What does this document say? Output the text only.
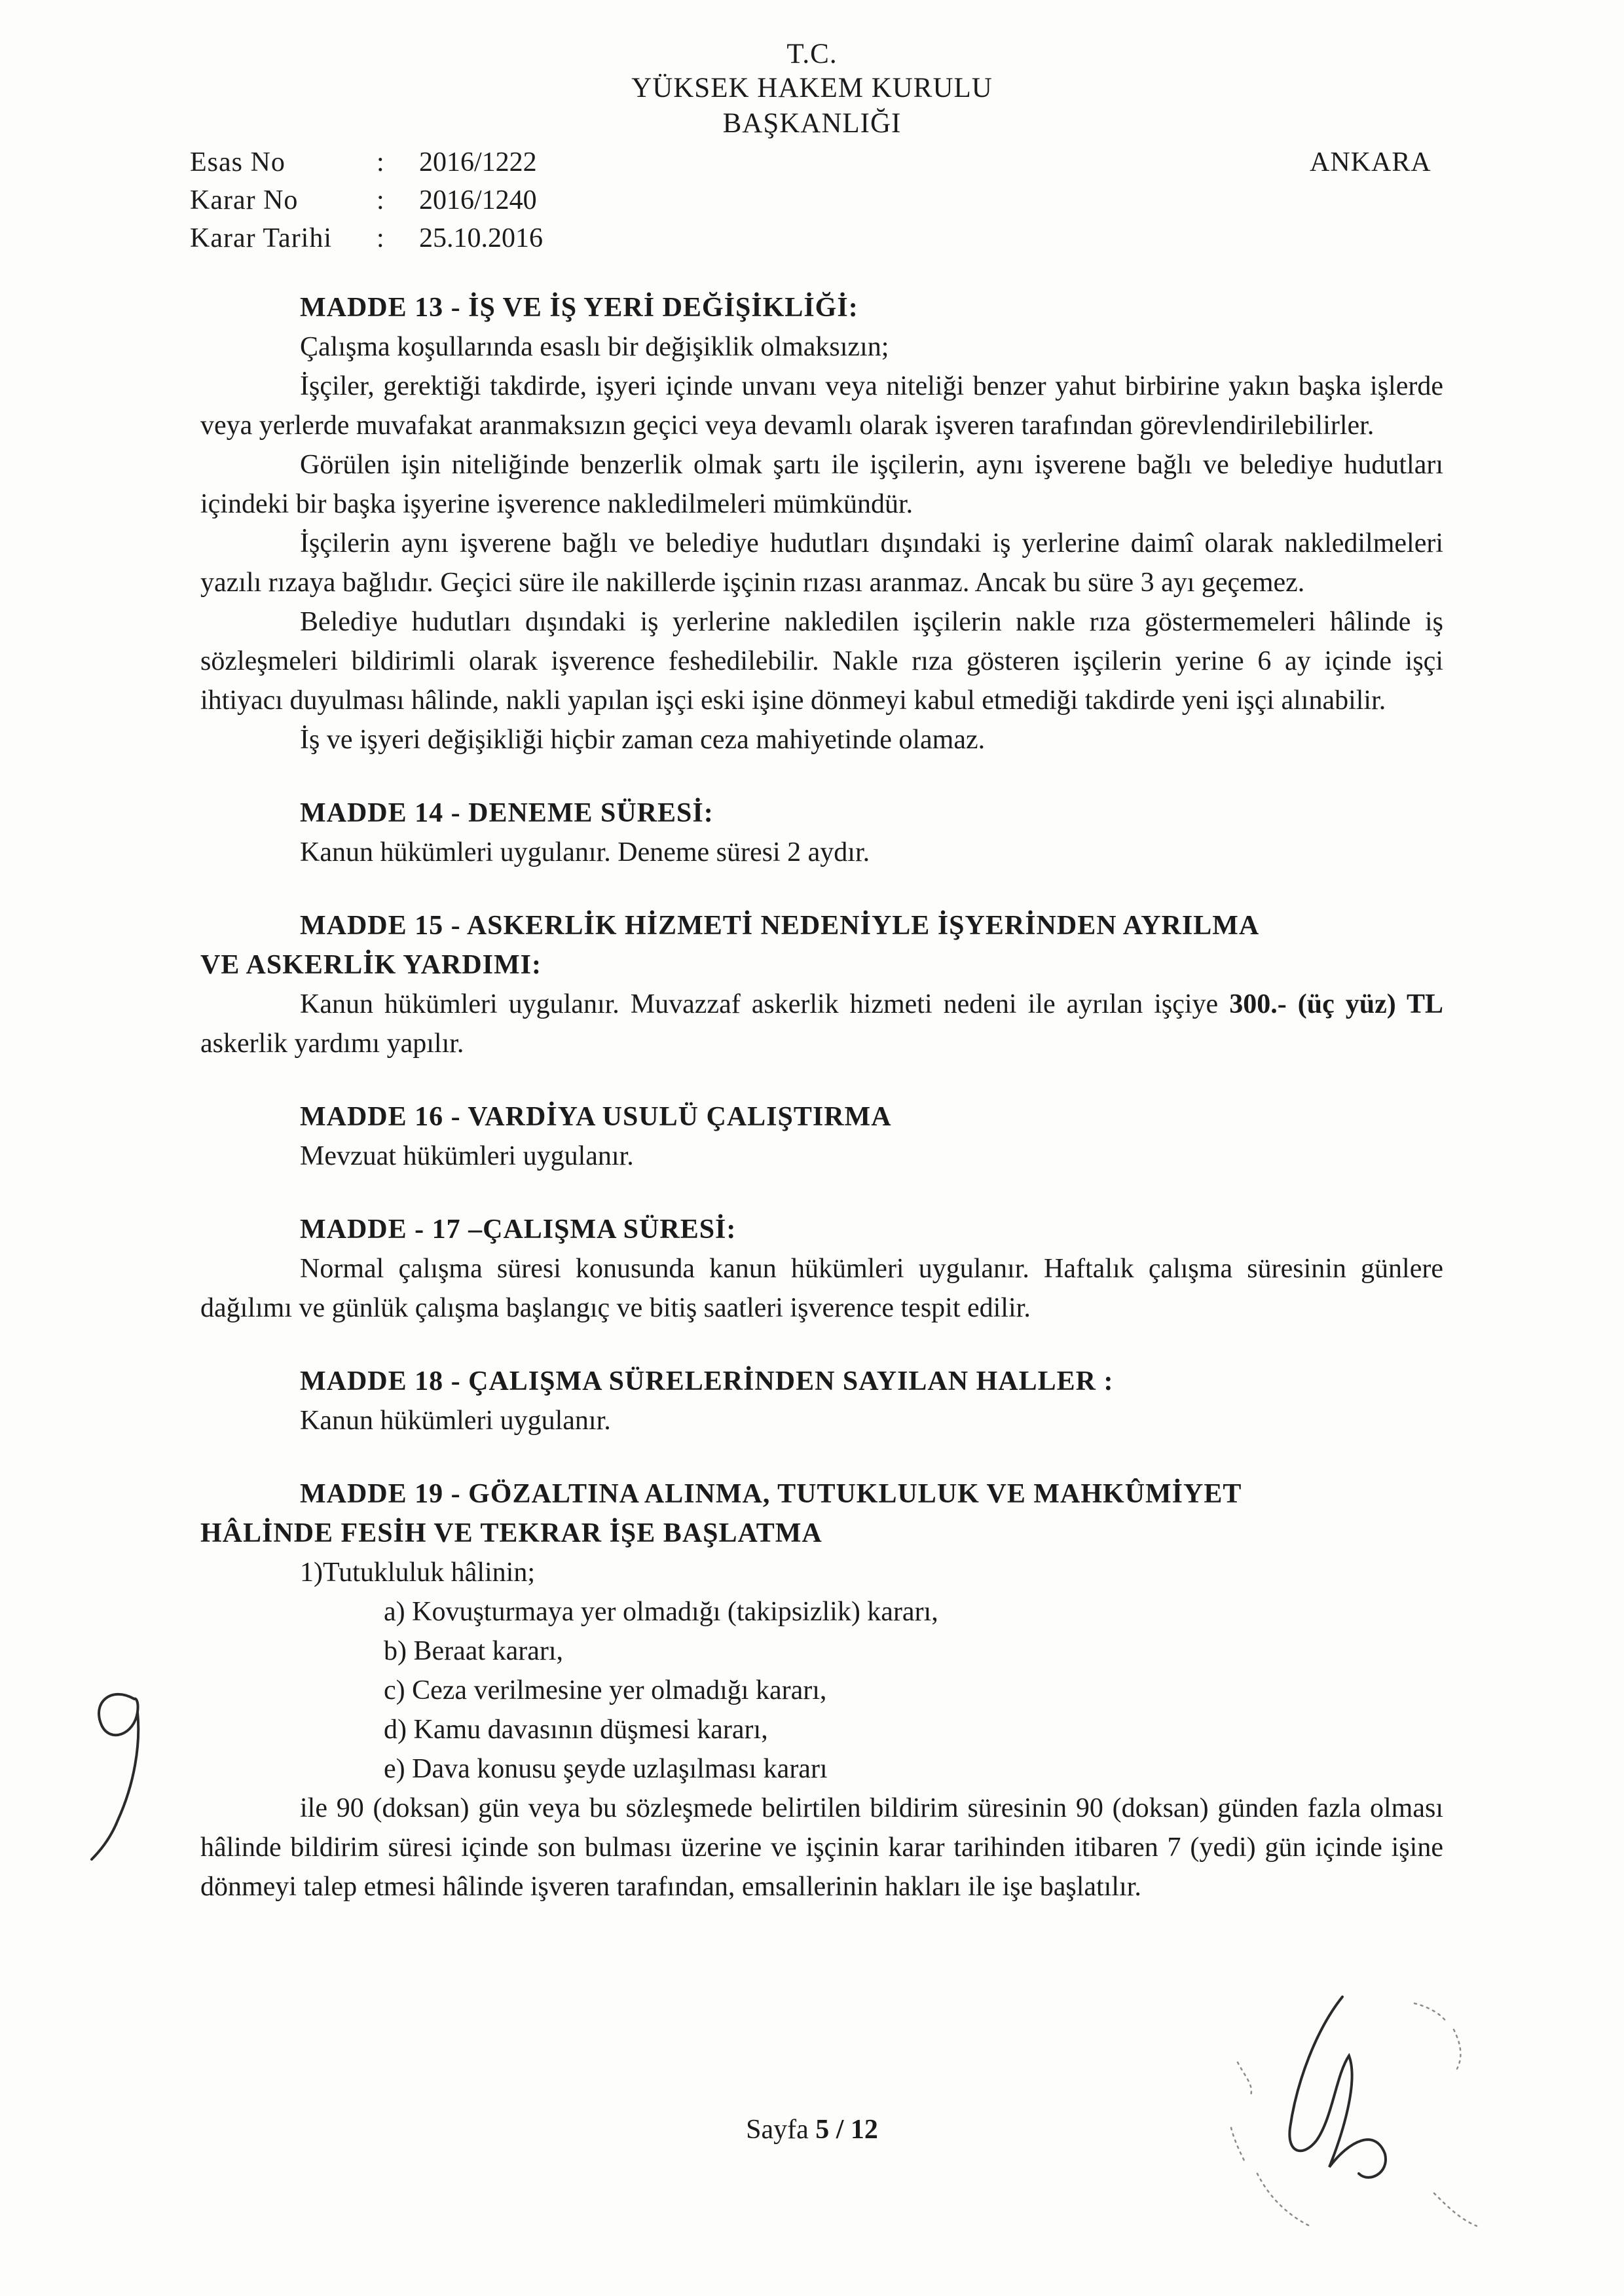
T.C.
YÜKSEK HAKEM KURULU
BAŞKANLIĞI
Esas No	:	2016/1222
Karar No	:	2016/1240
Karar Tarihi	:	25.10.2016
ANKARA
MADDE 13 - İŞ VE İŞ YERİ DEĞİŞİKLİĞİ:
Çalışma koşullarında esaslı bir değişiklik olmaksızın;
İşçiler, gerektiği takdirde, işyeri içinde unvanı veya niteliği benzer yahut birbirine yakın başka işlerde veya yerlerde muvafakat aranmaksızın geçici veya devamlı olarak işveren tarafından görevlendirilebilirler.
Görülen işin niteliğinde benzerlik olmak şartı ile işçilerin, aynı işverene bağlı ve belediye hudutları içindeki bir başka işyerine işverence nakledilmeleri mümkündür.
İşçilerin aynı işverene bağlı ve belediye hudutları dışındaki iş yerlerine daimî olarak nakledilmeleri yazılı rızaya bağlıdır. Geçici süre ile nakillerde işçinin rızası aranmaz. Ancak bu süre 3 ayı geçemez.
Belediye hudutları dışındaki iş yerlerine nakledilen işçilerin nakle rıza göstermemeleri hâlinde iş sözleşmeleri bildirimli olarak işverence feshedilebilir. Nakle rıza gösteren işçilerin yerine 6 ay içinde işçi ihtiyacı duyulması hâlinde, nakli yapılan işçi eski işine dönmeyi kabul etmediği takdirde yeni işçi alınabilir.
İş ve işyeri değişikliği hiçbir zaman ceza mahiyetinde olamaz.
MADDE 14 - DENEME SÜRESİ:
Kanun hükümleri uygulanır. Deneme süresi 2 aydır.
MADDE 15 - ASKERLİK HİZMETİ NEDENİYLE İŞYERİNDEN AYRILMA
VE ASKERLİK YARDIMI:
Kanun hükümleri uygulanır. Muvazzaf askerlik hizmeti nedeni ile ayrılan işçiye 300.- (üç yüz) TL askerlik yardımı yapılır.
MADDE 16 - VARDİYA USULÜ ÇALIŞTIRMA
Mevzuat hükümleri uygulanır.
MADDE - 17 –ÇALIŞMA SÜRESİ:
Normal çalışma süresi konusunda kanun hükümleri uygulanır. Haftalık çalışma süresinin günlere dağılımı ve günlük çalışma başlangıç ve bitiş saatleri işverence tespit edilir.
MADDE 18 - ÇALIŞMA SÜRELERİNDEN SAYILAN HALLER :
Kanun hükümleri uygulanır.
MADDE 19 - GÖZALTINA ALINMA, TUTUKLULUK VE MAHKÛMİYET
HÂLİNDE FESİH VE TEKRAR İŞE BAŞLATMA
1)Tutukluluk hâlinin;
a) Kovuşturmaya yer olmadığı (takipsizlik) kararı,
b) Beraat kararı,
c) Ceza verilmesine yer olmadığı kararı,
d) Kamu davasının düşmesi kararı,
e) Dava konusu şeyde uzlaşılması kararı
ile 90 (doksan) gün veya bu sözleşmede belirtilen bildirim süresinin 90 (doksan) günden fazla olması hâlinde bildirim süresi içinde son bulması üzerine ve işçinin karar tarihinden itibaren 7 (yedi) gün içinde işine dönmeyi talep etmesi hâlinde işveren tarafından, emsallerinin hakları ile işe başlatılır.
Sayfa 5 / 12
